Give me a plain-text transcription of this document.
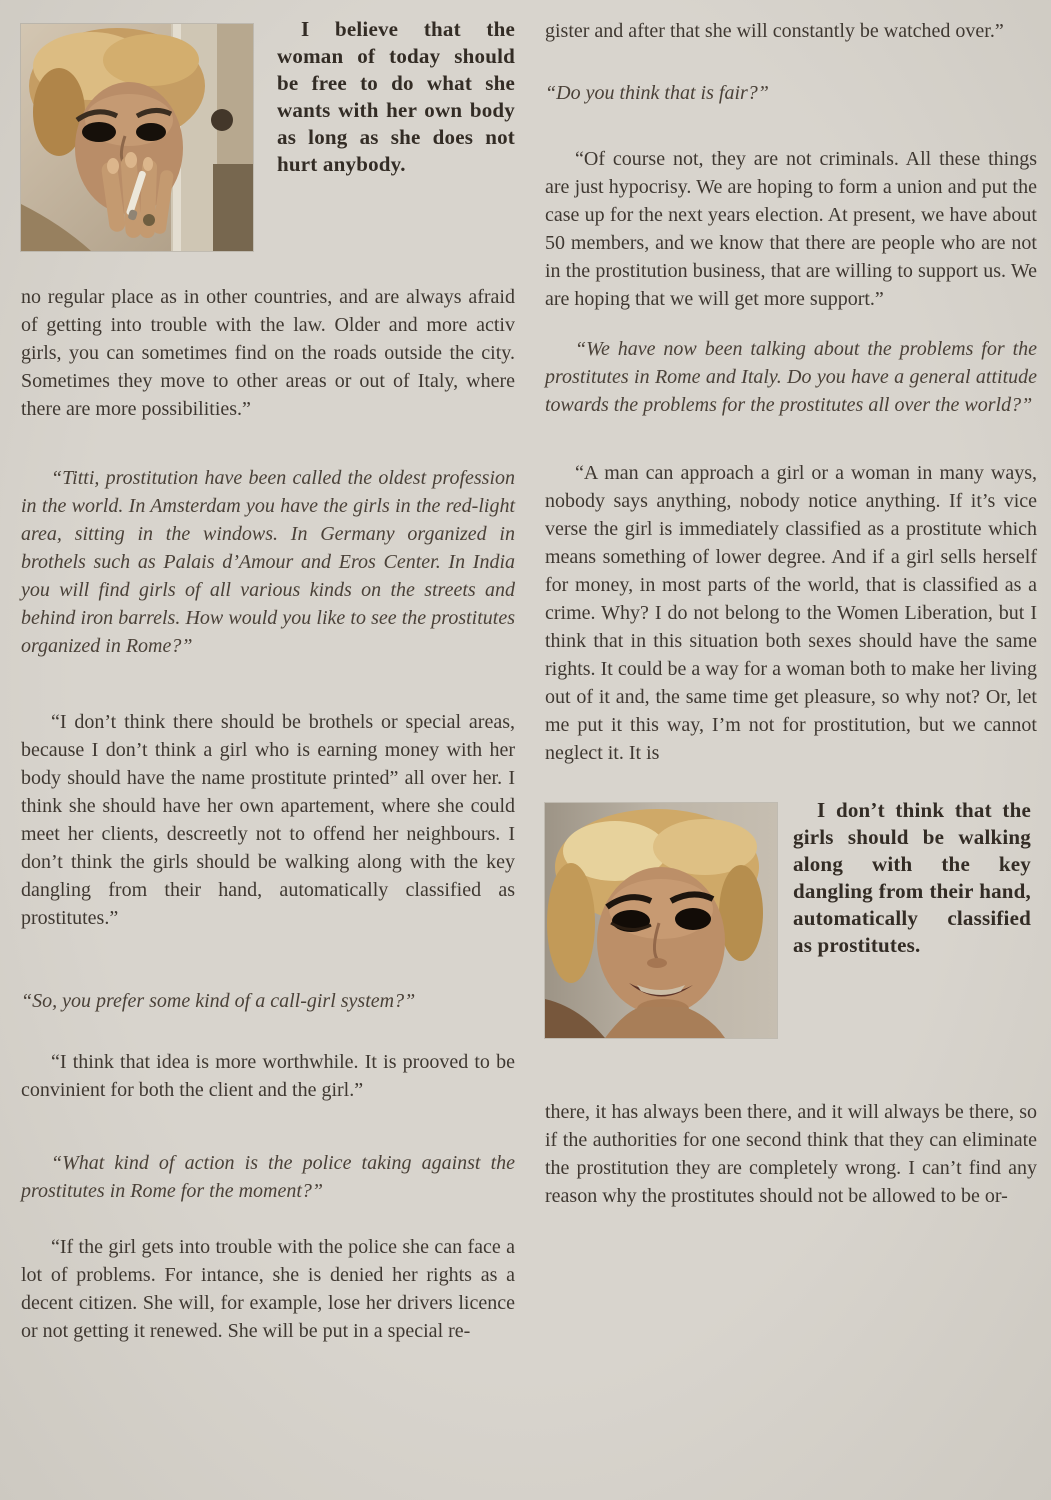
I believe that the woman of today should be free to do what she wants with her own body as long as she does not hurt anybody.

no regular place as in other countries, and are always afraid of getting into trouble with the law. Older and more activ girls, you can sometimes find on the roads outside the city. Sometimes they move to other areas or out of Italy, where there are more possibilities.”

“Titti, prostitution have been called the oldest profession in the world. In Amsterdam you have the girls in the red-light area, sitting in the windows. In Germany organized in brothels such as Palais d’Amour and Eros Center. In India you will find girls of all various kinds on the streets and behind iron barrels. How would you like to see the prostitutes organized in Rome?”

“I don’t think there should be brothels or special areas, because I don’t think a girl who is earning money with her body should have the name prostitute printed” all over her. I think she should have her own apartement, where she could meet her clients, descreetly not to offend her neighbours. I don’t think the girls should be walking along with the key dangling from their hand, automatically classified as prostitutes.”

“So, you prefer some kind of a call-girl system?”

“I think that idea is more worthwhile. It is prooved to be convinient for both the client and the girl.”

“What kind of action is the police taking against the prostitutes in Rome for the moment?”

“If the girl gets into trouble with the police she can face a lot of problems. For intance, she is denied her rights as a decent citizen. She will, for example, lose her drivers licence or not getting it renewed. She will be put in a special re-

gister and after that she will constantly be watched over.”

“Do you think that is fair?”

“Of course not, they are not criminals. All these things are just hypocrisy. We are hoping to form a union and put the case up for the next years election. At present, we have about 50 members, and we know that there are people who are not in the prostitution business, that are willing to support us. We are hoping that we will get more support.”

“We have now been talking about the problems for the prostitutes in Rome and Italy. Do you have a general attitude towards the problems for the prostitutes all over the world?”

“A man can approach a girl or a woman in many ways, nobody says anything, nobody notice anything. If it’s vice verse the girl is immediately classified as a prostitute which means something of lower degree. And if a girl sells herself for money, in most parts of the world, that is classified as a crime. Why? I do not belong to the Women Liberation, but I think that in this situation both sexes should have the same rights. It could be a way for a woman both to make her living out of it and, the same time get pleasure, so why not? Or, let me put it this way, I’m not for prostitution, but we cannot neglect it. It is

I don’t think that the girls should be walking along with the key dangling from their hand, automatically classified as prostitutes.

there, it has always been there, and it will always be there, so if the authorities for one second think that they can eliminate the prostitution they are completely wrong. I can’t find any reason why the prostitutes should not be allowed to be or-
